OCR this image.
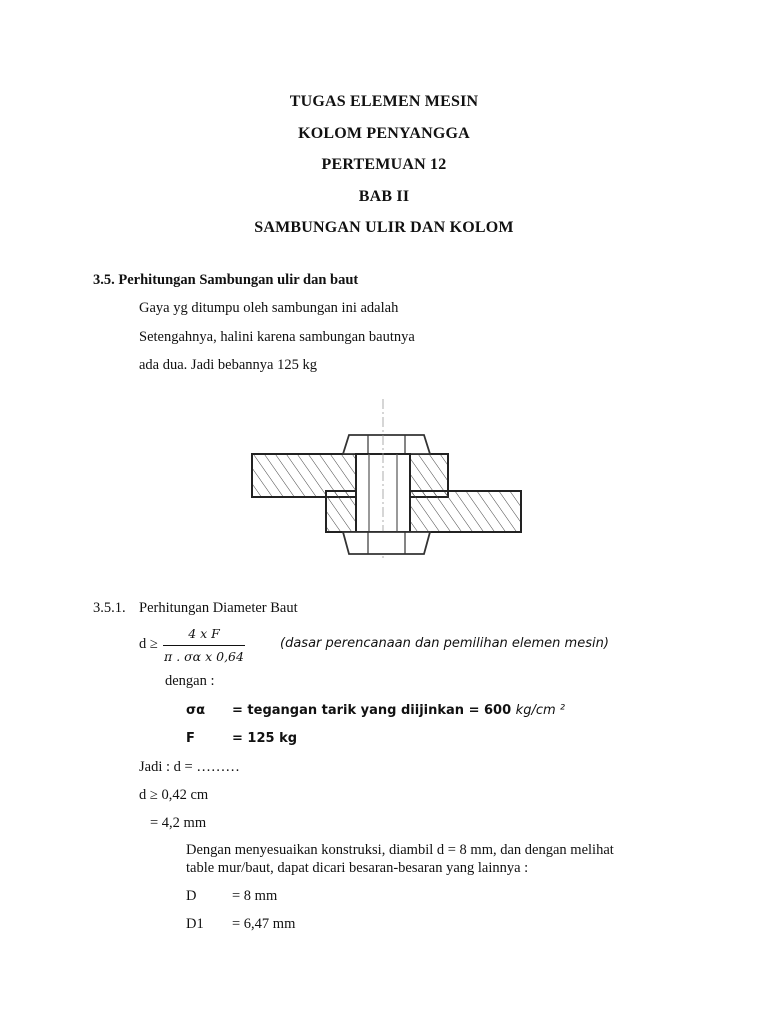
TUGAS ELEMEN MESIN
KOLOM PENYANGGA
PERTEMUAN 12
BAB II
SAMBUNGAN ULIR DAN KOLOM
3.5. Perhitungan Sambungan ulir dan baut
Gaya yg ditumpu oleh sambungan ini adalah
Setengahnya, halini karena sambungan bautnya
ada dua. Jadi bebannya 125 kg
3.5.1. Perhitungan Diameter Baut
d ≥
4 x F
π . σα x 0,64
(dasar perencanaan dan pemilihan elemen mesin)
dengan :
σα = tegangan tarik yang diijinkan = 600 kg/cm ²
F	= 125 kg
Jadi : d = ………
d ≥ 0,42 cm
= 4,2 mm
Dengan menyesuaikan konstruksi, diambil d = 8 mm, dan dengan melihat
table mur/baut, dapat dicari besaran-besaran yang lainnya :
D = 8 mm
D1 = 6,47 mm
